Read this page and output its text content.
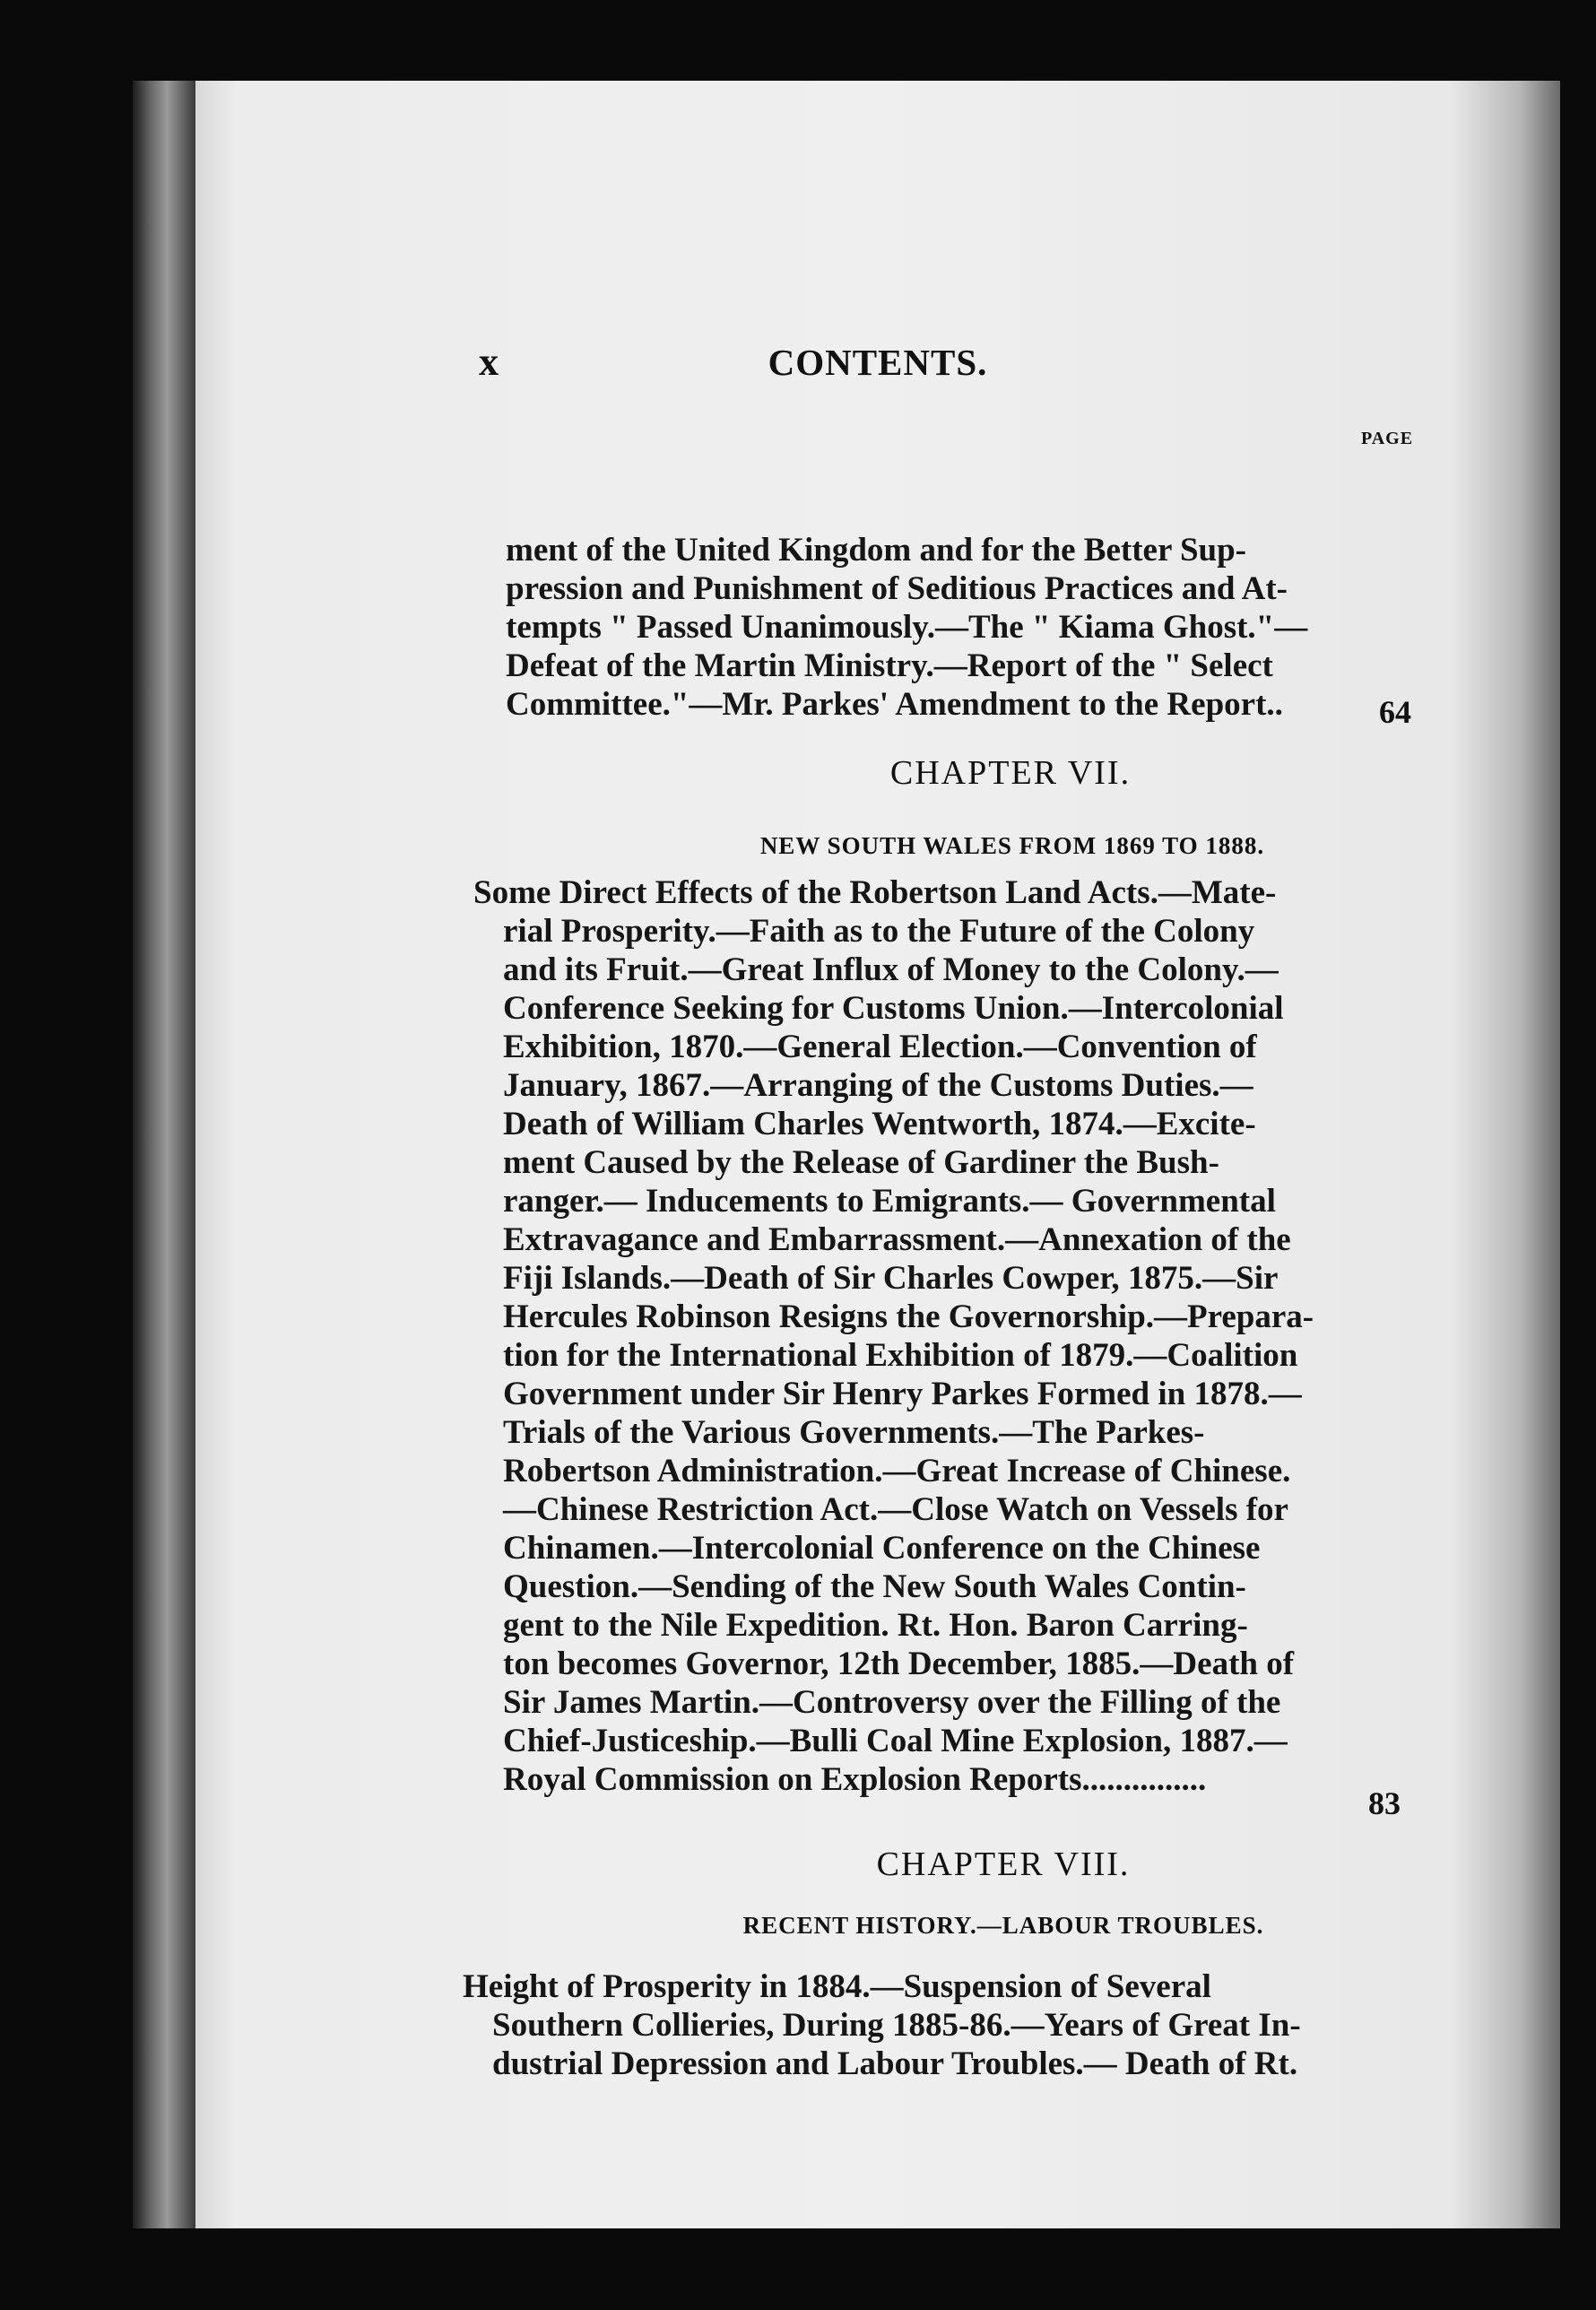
x	CONTENTS.
PAGE
ment of the United Kingdom and for the Better Sup-
pression and Punishment of Seditious Practices and At-
tempts " Passed Unanimously.—The " Kiama Ghost."—
Defeat of the Martin Ministry.—Report of the " Select
Committee."—Mr. Parkes' Amendment to the Report..	64
CHAPTER VII.
NEW SOUTH WALES FROM 1869 TO 1888.
Some Direct Effects of the Robertson Land Acts.—Mate-
rial Prosperity.—Faith as to the Future of the Colony
and its Fruit.—Great Influx of Money to the Colony.—
Conference Seeking for Customs Union.—Intercolonial
Exhibition, 1870.—General Election.—Convention of
January, 1867.—Arranging of the Customs Duties.—
Death of William Charles Wentworth, 1874.—Excite-
ment Caused by the Release of Gardiner the Bush-
ranger.— Inducements to Emigrants.— Governmental
Extravagance and Embarrassment.—Annexation of the
Fiji Islands.—Death of Sir Charles Cowper, 1875.—Sir
Hercules Robinson Resigns the Governorship.—Prepara-
tion for the International Exhibition of 1879.—Coalition
Government under Sir Henry Parkes Formed in 1878.—
Trials of the Various Governments.—The Parkes-
Robertson Administration.—Great Increase of Chinese.
—Chinese Restriction Act.—Close Watch on Vessels for
Chinamen.—Intercolonial Conference on the Chinese
Question.—Sending of the New South Wales Contin-
gent to the Nile Expedition. Rt. Hon. Baron Carring-
ton becomes Governor, 12th December, 1885.—Death of
Sir James Martin.—Controversy over the Filling of the
Chief-Justiceship.—Bulli Coal Mine Explosion, 1887.—
Royal Commission on Explosion Reports...............
83
CHAPTER VIII.
RECENT HISTORY.—LABOUR TROUBLES.
Height of Prosperity in 1884.—Suspension of Several
Southern Collieries, During 1885-86.—Years of Great In-
dustrial Depression and Labour Troubles.— Death of Rt.
